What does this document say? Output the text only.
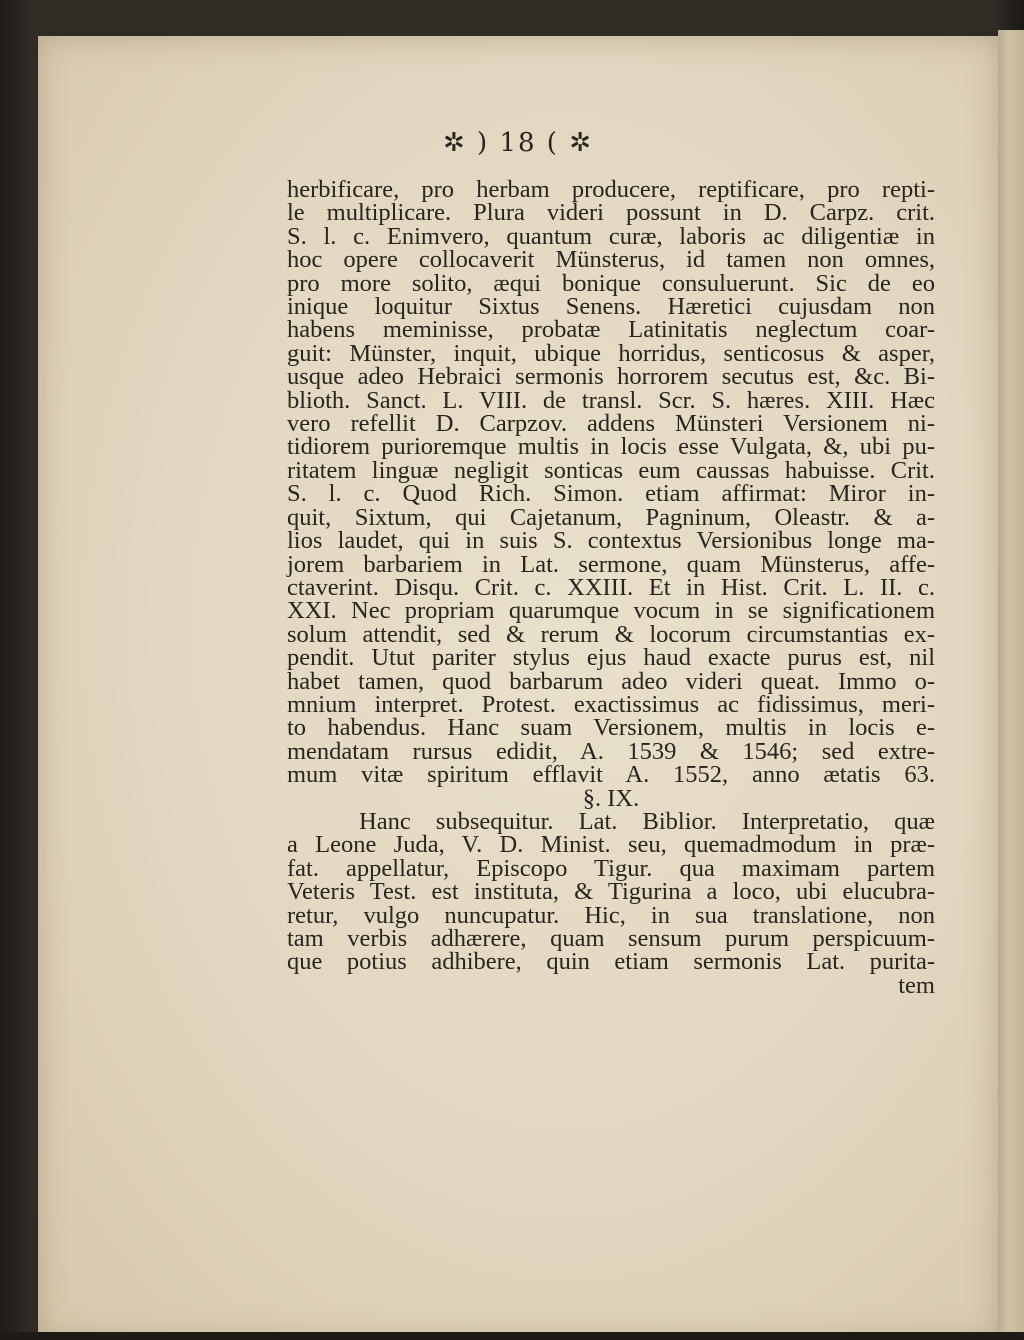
✲ ) 18 ( ✲
herbificare, pro herbam producere, reptificare, pro repti-
le multiplicare. Plura videri possunt in D. Carpz. crit.
S. l. c. Enimvero, quantum curæ, laboris ac diligentiæ in
hoc opere collocaverit Münsterus, id tamen non omnes,
pro more solito, æqui bonique consuluerunt. Sic de eo
inique loquitur Sixtus Senens. Hæretici cujusdam non
habens meminisse, probatæ Latinitatis neglectum coar-
guit: Münster, inquit, ubique horridus, senticosus & asper,
usque adeo Hebraici sermonis horrorem secutus est, &c. Bi-
blioth. Sanct. L. VIII. de transl. Scr. S. hæres. XIII. Hæc
vero refellit D. Carpzov. addens Münsteri Versionem ni-
tidiorem purioremque multis in locis esse Vulgata, &, ubi pu-
ritatem linguæ negligit sonticas eum caussas habuisse. Crit.
S. l. c. Quod Rich. Simon. etiam affirmat: Miror in-
quit, Sixtum, qui Cajetanum, Pagninum, Oleastr. & a-
lios laudet, qui in suis S. contextus Versionibus longe ma-
jorem barbariem in Lat. sermone, quam Münsterus, affe-
ctaverint. Disqu. Crit. c. XXIII. Et in Hist. Crit. L. II. c.
XXI. Nec propriam quarumque vocum in se significationem
solum attendit, sed & rerum & locorum circumstantias ex-
pendit. Utut pariter stylus ejus haud exacte purus est, nil
habet tamen, quod barbarum adeo videri queat. Immo o-
mnium interpret. Protest. exactissimus ac fidissimus, meri-
to habendus. Hanc suam Versionem, multis in locis e-
mendatam rursus edidit, A. 1539 & 1546; sed extre-
mum vitæ spiritum efflavit A. 1552, anno ætatis 63.
§. IX.
Hanc subsequitur. Lat. Biblior. Interpretatio, quæ
a Leone Juda, V. D. Minist. seu, quemadmodum in præ-
fat. appellatur, Episcopo Tigur. qua maximam partem
Veteris Test. est instituta, & Tigurina a loco, ubi elucubra-
retur, vulgo nuncupatur. Hic, in sua translatione, non
tam verbis adhærere, quam sensum purum perspicuum-
que potius adhibere, quin etiam sermonis Lat. purita-
tem
